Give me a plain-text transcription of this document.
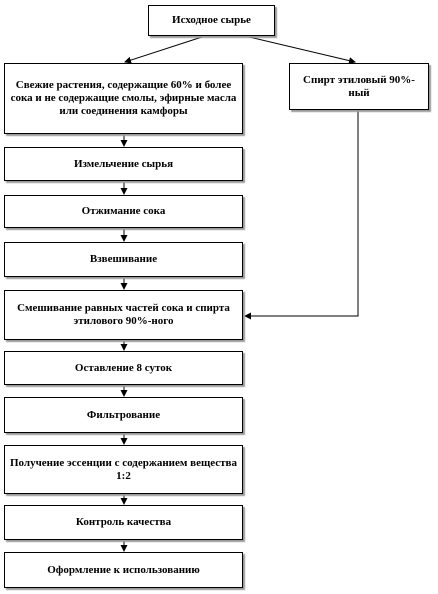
Исходное сырье
Спирт этиловый 90%-ный
Свежие растения, содержащие 60% и более сока и не содержащие смолы, эфирные масла или соединения камфоры
Измельчение сырья
Отжимание сока
Взвешивание
Смешивание равных частей сока и спирта этилового 90%-ного
Оставление 8 суток
Фильтрование
Получение эссенции с содержанием вещества 1:2
Контроль качества
Оформление к использованию
